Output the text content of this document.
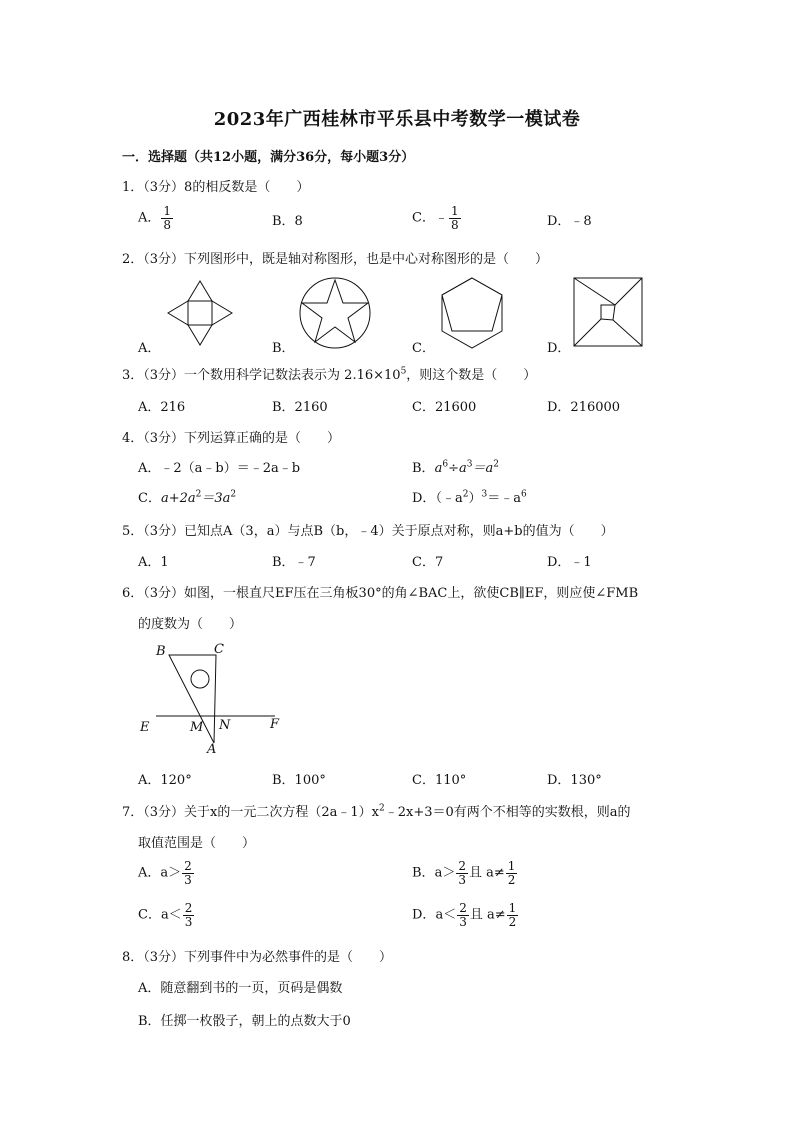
2023年广西桂林市平乐县中考数学一模试卷
一．选择题（共12小题，满分36分，每小题3分）
1．（3分）8的相反数是（　　）
A． $\frac{1}{8}$	B．8	C．﹣ $\frac{1}{8}$	D．﹣8
2．（3分）下列图形中，既是轴对称图形，也是中心对称图形的是（　　）
A．	B．	C．	D．
3．（3分）一个数用科学记数法表示为 $2.16\times 10^5$，则这个数是（　　）
A．216	B．2160	C．21600	D．216000
4．（3分）下列运算正确的是（　　）
A．﹣2（a﹣b）＝﹣2a﹣b	B．$a^6\div a^3=a^2$
C．$a+2a^2=3a^2$	D．$(﹣a^2)^3=﹣a^6$
5．（3分）已知点A（3，a）与点B（b，﹣4）关于原点对称，则a+b的值为（　　）
A．1	B．﹣7	C．7	D．﹣1
6．（3分）如图，一根直尺EF压在三角板30°的角∠BAC上，欲使CB∥EF，则应使∠FMB
的度数为（　　）
B	C
E	M N	F
A
A．120°	B．100°	C．110°	D．130°
7．（3分）关于x的一元二次方程$(2a﹣1)x^2﹣2x+3=0$有两个不相等的实数根，则a的
取值范围是（　　）
A．$a> \frac{2}{3}$	B．$a> \frac{2}{3}$ 且 $a\ne \frac{1}{2}$
C．$a< \frac{2}{3}$	D．$a< \frac{2}{3}$ 且 $a\ne \frac{1}{2}$
8．（3分）下列事件中为必然事件的是（　　）
A．随意翻到书的一页，页码是偶数
B．任掷一枚骰子，朝上的点数大于0
